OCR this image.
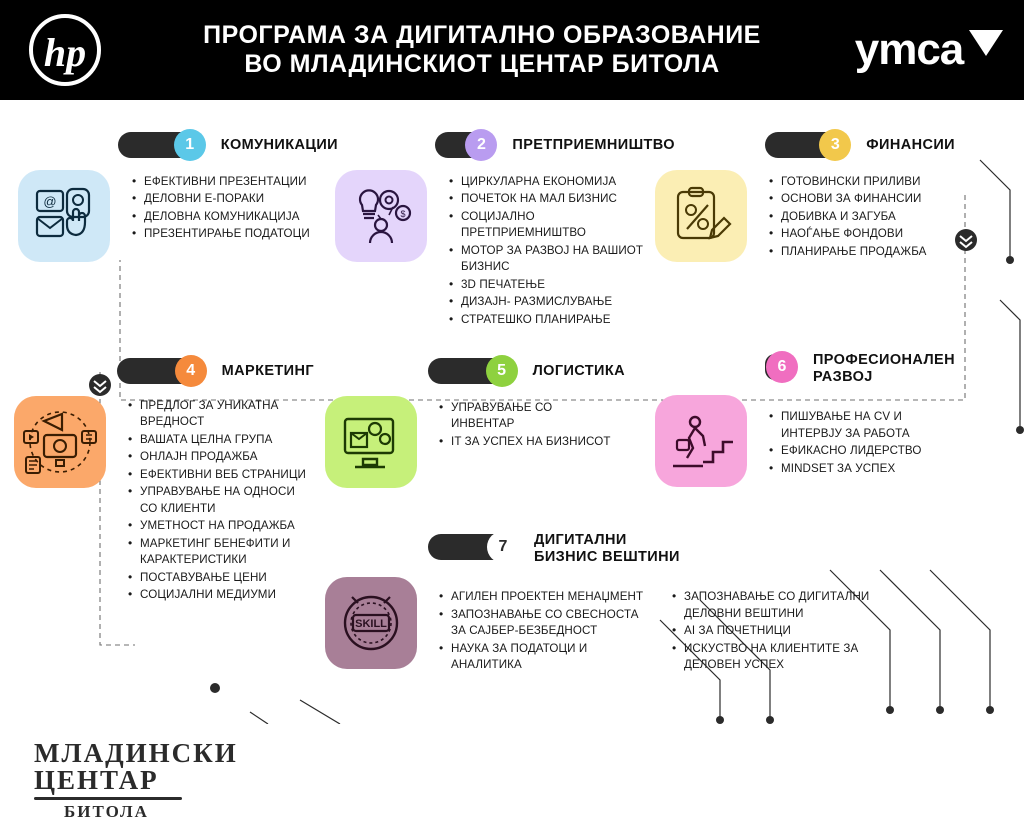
hp	ПРОГРАМА ЗА ДИГИТАЛНО ОБРАЗОВАНИЕ
ВО МЛАДИНСКИОТ ЦЕНТАР БИТОЛА	ymca
1	КОМУНИКАЦИИ
@
• ЕФЕКТИВНИ ПРЕЗЕНТАЦИИ
• ДЕЛОВНИ Е-ПОРАКИ
• ДЕЛОВНА КОМУНИКАЦИЈА
• ПРЕЗЕНТИРАЊЕ ПОДАТОЦИ
2	ПРЕТПРИЕМНИШТВО
$
• ЦИРКУЛАРНА ЕКОНОМИЈА
• ПОЧЕТОК НА МАЛ БИЗНИС
• СОЦИЈАЛНО ПРЕТПРИЕМНИШТВО
• МОТОР ЗА РАЗВОЈ НА ВАШИОТ БИЗНИС
• 3D ПЕЧАТЕЊЕ
• ДИЗАЈН- РАЗМИСЛУВАЊЕ
• СТРАТЕШКО ПЛАНИРАЊЕ
3	ФИНАНСИИ
• ГОТОВИНСКИ ПРИЛИВИ
• ОСНОВИ ЗА ФИНАНСИИ
• ДОБИВКА И ЗАГУБА
• НАОЃАЊЕ ФОНДОВИ
• ПЛАНИРАЊЕ ПРОДАЖБА
4	МАРКЕТИНГ
• ПРЕДЛОГ ЗА УНИКАТНА ВРЕДНОСТ
• ВАШАТА ЦЕЛНА ГРУПА
• ОНЛАЈН ПРОДАЖБА
• ЕФЕКТИВНИ ВЕБ СТРАНИЦИ
• УПРАВУВАЊЕ НА ОДНОСИ СО КЛИЕНТИ
• УМЕТНОСТ НА ПРОДАЖБА
• МАРКЕТИНГ БЕНЕФИТИ И КАРАКТЕРИСТИКИ
• ПОСТАВУВАЊЕ ЦЕНИ
• СОЦИЈАЛНИ МЕДИУМИ
5	ЛОГИСТИКА
• УПРАВУВАЊЕ СО ИНВЕНТАР
• IT ЗА УСПЕХ НА БИЗНИСОТ
6	ПРОФЕСИОНАЛЕН
РАЗВОЈ
• ПИШУВАЊЕ НА CV И ИНТЕРВЈУ ЗА РАБОТА
• ЕФИКАСНО ЛИДЕРСТВО
• MINDSET ЗА УСПЕХ
7	ДИГИТАЛНИ
БИЗНИС ВЕШТИНИ
SKILL
• АГИЛЕН ПРОЕКТЕН МЕНАЏМЕНТ
• ЗАПОЗНАВАЊЕ СО СВЕСНОСТА ЗА САЈБЕР-БЕЗБЕДНОСТ
• НАУКА ЗА ПОДАТОЦИ И АНАЛИТИКА
• ЗАПОЗНАВАЊЕ СО ДИГИТАЛНИ ДЕЛОВНИ ВЕШТИНИ
• AI ЗА ПОЧЕТНИЦИ
• ИСКУСТВО НА КЛИЕНТИТЕ ЗА ДЕЛОВЕН УСПЕХ
МЛАДИНСКИ
ЦЕНТАР
БИТОЛА
